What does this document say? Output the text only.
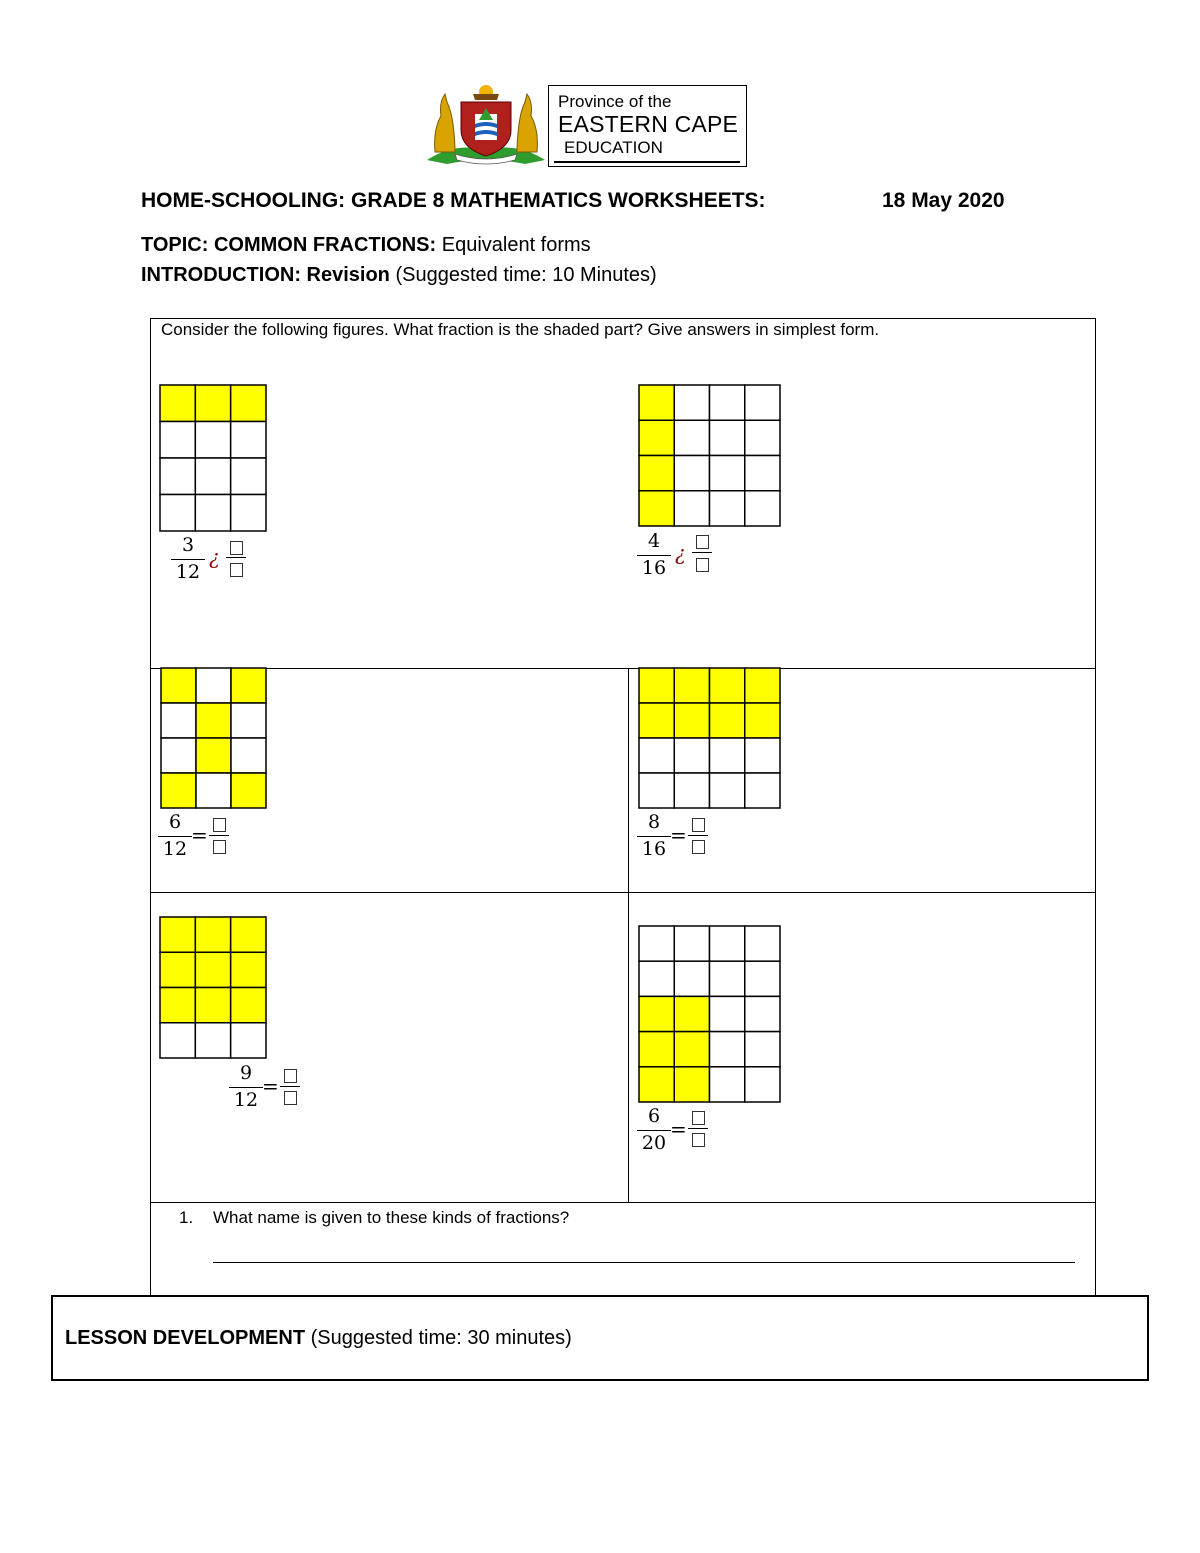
Province of the
EASTERN CAPE
EDUCATION
HOME-SCHOOLING: GRADE 8 MATHEMATICS WORKSHEETS:	18 May 2020
TOPIC: COMMON FRACTIONS: Equivalent forms
INTRODUCTION: Revision (Suggested time: 10 Minutes)
Consider the following figures. What fraction is the shaded part? Give answers in simplest form.
3
12
¿
4
16
¿
6
12
=
8
16
=
9
12
=
6
20
=
1. What name is given to these kinds of fractions?
LESSON DEVELOPMENT (Suggested time: 30 minutes)
